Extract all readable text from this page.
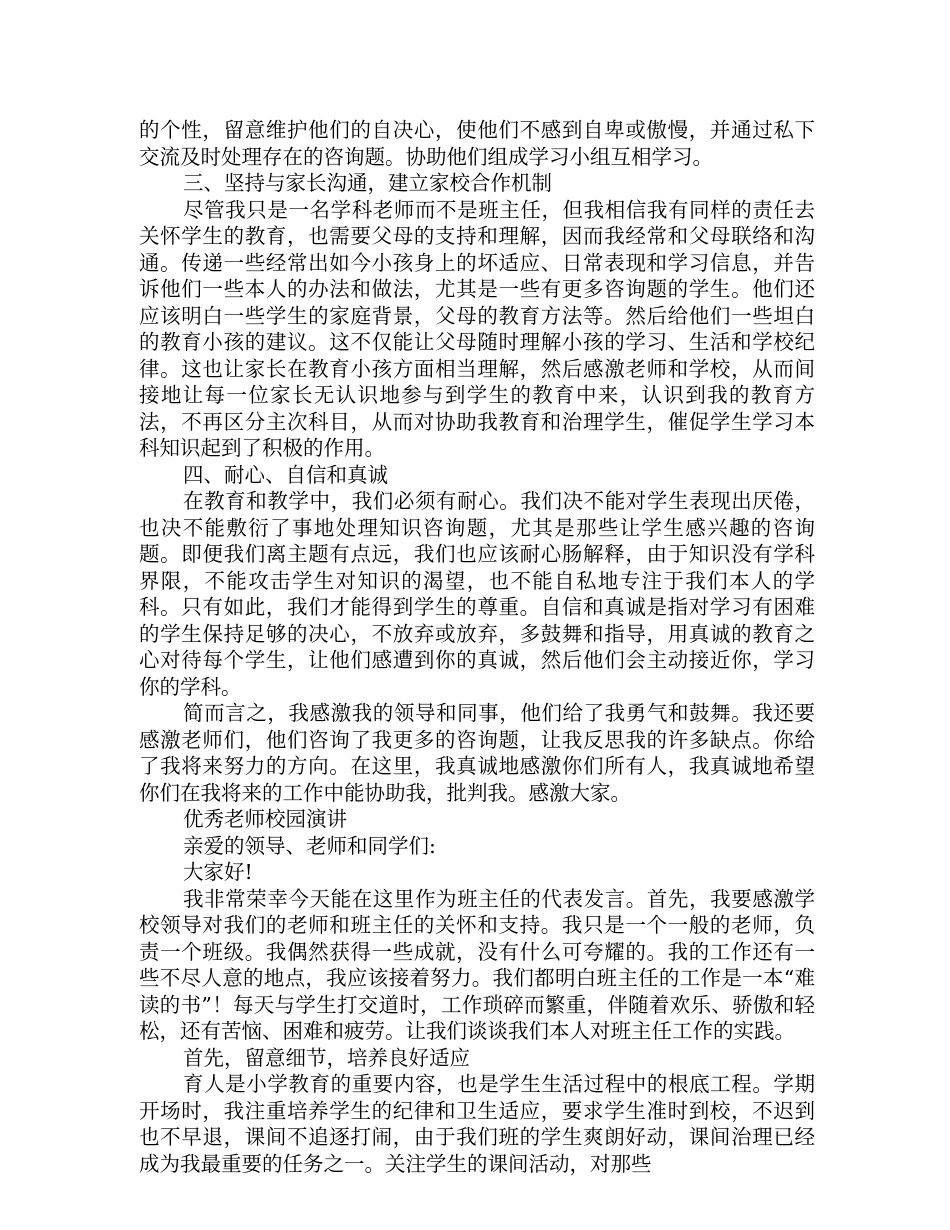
的个性，留意维护他们的自决心，使他们不感到自卑或傲慢，并通过私下交流及时处理存在的咨询题。协助他们组成学习小组互相学习。

三、坚持与家长沟通，建立家校合作机制

尽管我只是一名学科老师而不是班主任，但我相信我有同样的责任去关怀学生的教育，也需要父母的支持和理解，因而我经常和父母联络和沟通。传递一些经常出如今小孩身上的坏适应、日常表现和学习信息，并告诉他们一些本人的办法和做法，尤其是一些有更多咨询题的学生。他们还应该明白一些学生的家庭背景，父母的教育方法等。然后给他们一些坦白的教育小孩的建议。这不仅能让父母随时理解小孩的学习、生活和学校纪律。这也让家长在教育小孩方面相当理解，然后感激老师和学校，从而间接地让每一位家长无认识地参与到学生的教育中来，认识到我的教育方法，不再区分主次科目，从而对协助我教育和治理学生，催促学生学习本科知识起到了积极的作用。

四、耐心、自信和真诚

在教育和教学中，我们必须有耐心。我们决不能对学生表现出厌倦，也决不能敷衍了事地处理知识咨询题，尤其是那些让学生感兴趣的咨询题。即便我们离主题有点远，我们也应该耐心肠解释，由于知识没有学科界限，不能攻击学生对知识的渴望，也不能自私地专注于我们本人的学科。只有如此，我们才能得到学生的尊重。自信和真诚是指对学习有困难的学生保持足够的决心，不放弃或放弃，多鼓舞和指导，用真诚的教育之心对待每个学生，让他们感遭到你的真诚，然后他们会主动接近你，学习你的学科。

简而言之，我感激我的领导和同事，他们给了我勇气和鼓舞。我还要感激老师们，他们咨询了我更多的咨询题，让我反思我的许多缺点。你给了我将来努力的方向。在这里，我真诚地感激你们所有人，我真诚地希望你们在我将来的工作中能协助我，批判我。感激大家。

优秀老师校园演讲

亲爱的领导、老师和同学们:

大家好!

我非常荣幸今天能在这里作为班主任的代表发言。首先，我要感激学校领导对我们的老师和班主任的关怀和支持。我只是一个一般的老师，负责一个班级。我偶然获得一些成就，没有什么可夸耀的。我的工作还有一些不尽人意的地点，我应该接着努力。我们都明白班主任的工作是一本“难读的书”！每天与学生打交道时，工作琐碎而繁重，伴随着欢乐、骄傲和轻松，还有苦恼、困难和疲劳。让我们谈谈我们本人对班主任工作的实践。

首先，留意细节，培养良好适应

育人是小学教育的重要内容，也是学生生活过程中的根底工程。学期开场时，我注重培养学生的纪律和卫生适应，要求学生准时到校，不迟到也不早退，课间不追逐打闹，由于我们班的学生爽朗好动，课间治理已经成为我最重要的任务之一。关注学生的课间活动，对那些
